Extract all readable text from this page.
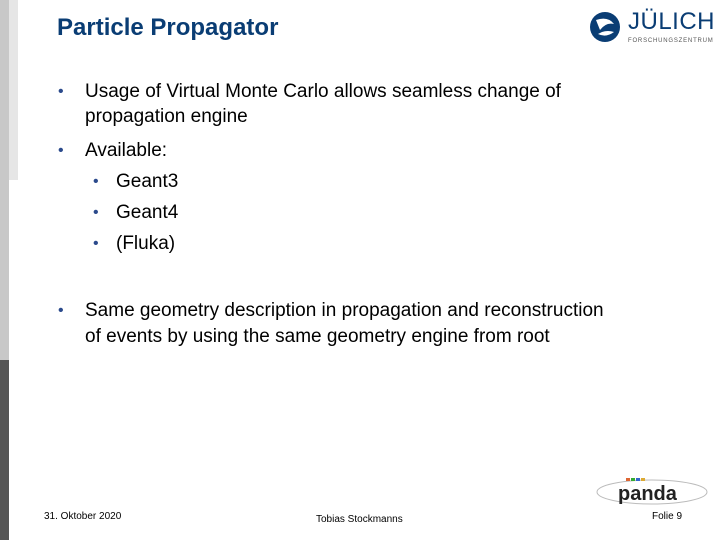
Particle Propagator	JÜLICH
FORSCHUNGSZENTRUM
• Usage of Virtual Monte Carlo allows seamless change of propagation engine
• Available:
• Geant3
• Geant4
• (Fluka)
• Same geometry description in propagation and reconstruction of events by using the same geometry engine from root
panda
31. Oktober 2020	Tobias Stockmanns	Folie 9
